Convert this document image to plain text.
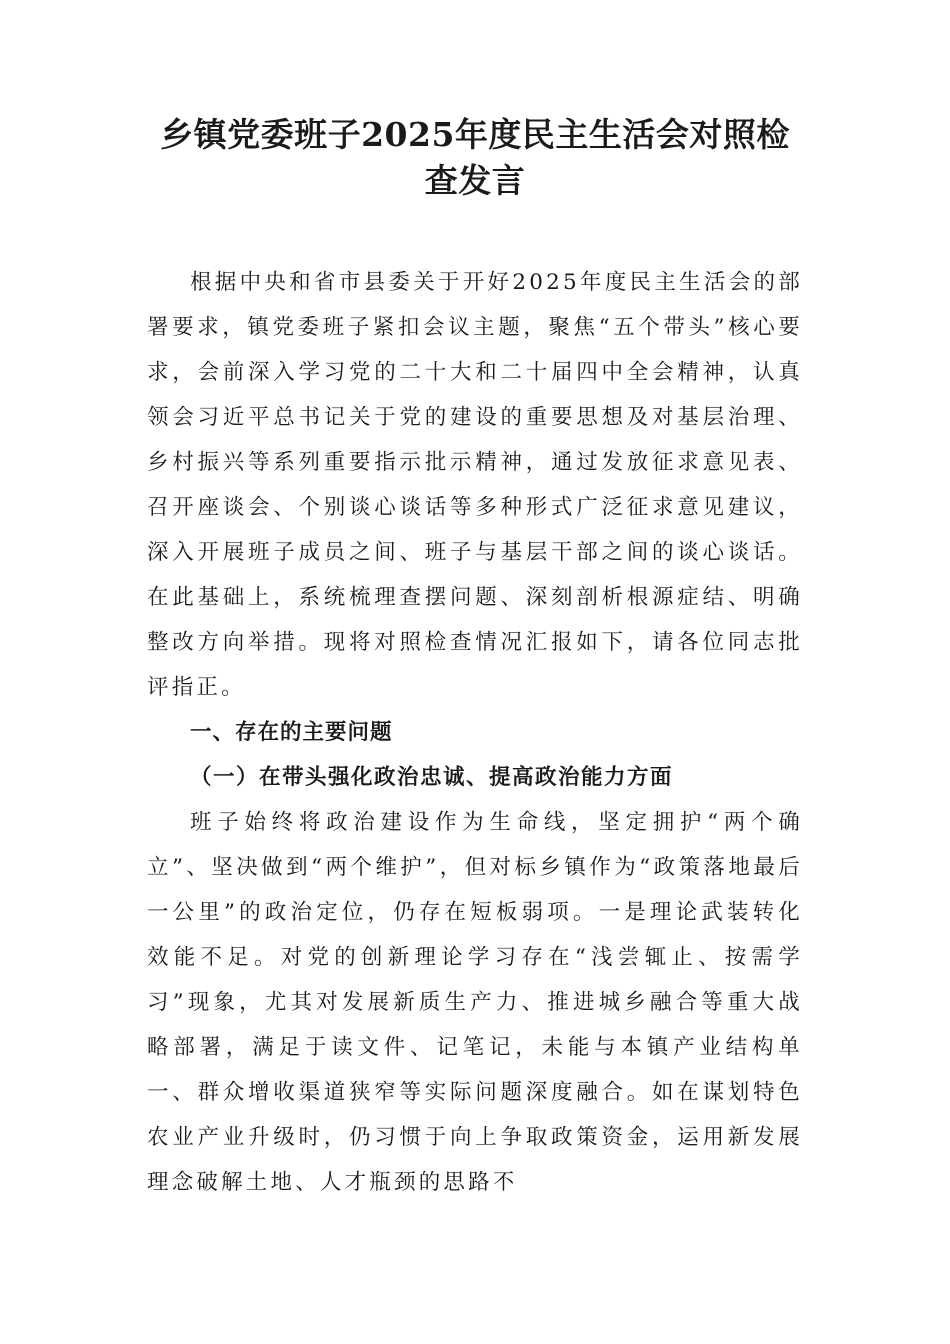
乡镇党委班子2025年度民主生活会对照检查发言

根据中央和省市县委关于开好2025年度民主生活会的部署要求，镇党委班子紧扣会议主题，聚焦“五个带头”核心要求，会前深入学习党的二十大和二十届四中全会精神，认真领会习近平总书记关于党的建设的重要思想及对基层治理、乡村振兴等系列重要指示批示精神，通过发放征求意见表、召开座谈会、个别谈心谈话等多种形式广泛征求意见建议，深入开展班子成员之间、班子与基层干部之间的谈心谈话。在此基础上，系统梳理查摆问题、深刻剖析根源症结、明确整改方向举措。现将对照检查情况汇报如下，请各位同志批评指正。

一、存在的主要问题

（一）在带头强化政治忠诚、提高政治能力方面

班子始终将政治建设作为生命线，坚定拥护“两个确立”、坚决做到“两个维护”，但对标乡镇作为“政策落地最后一公里”的政治定位，仍存在短板弱项。一是理论武装转化效能不足。对党的创新理论学习存在“浅尝辄止、按需学习”现象，尤其对发展新质生产力、推进城乡融合等重大战略部署，满足于读文件、记笔记，未能与本镇产业结构单一、群众增收渠道狭窄等实际问题深度融合。如在谋划特色农业产业升级时，仍习惯于向上争取政策资金，运用新发展理念破解土地、人才瓶颈的思路不
